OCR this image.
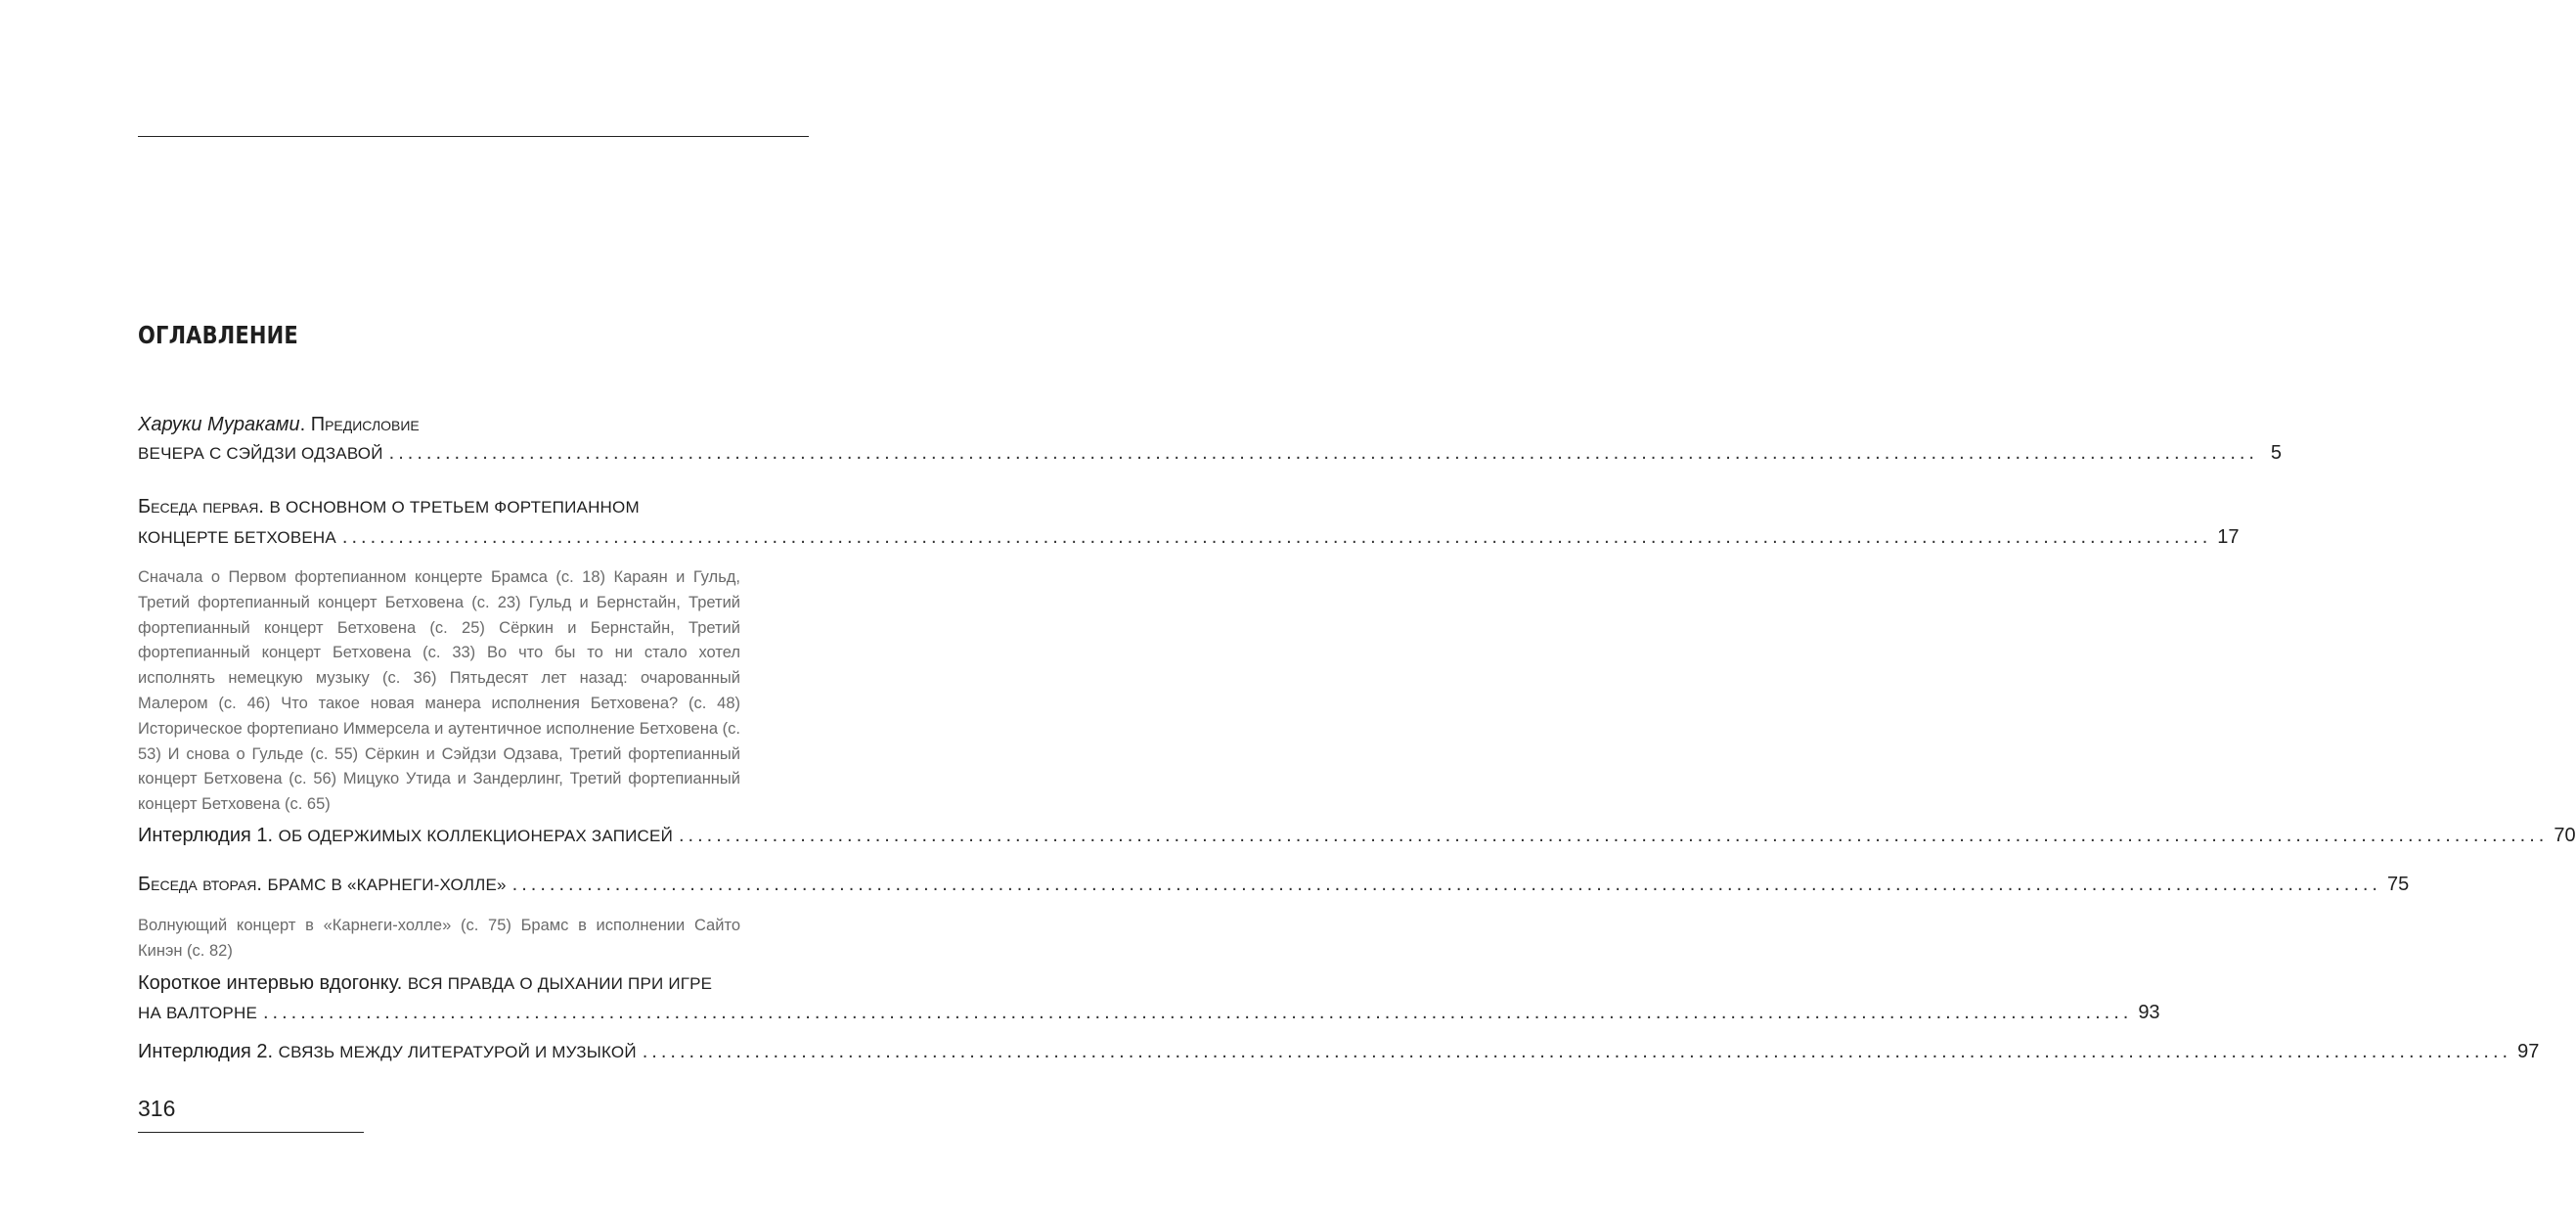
ОГЛАВЛЕНИЕ
Харуки Мураками. Предисловие
ВЕЧЕРА С СЭЙДЗИ ОДЗАВОЙ ........................................................................................................................................................................................................ 5
Беседа первая. В ОСНОВНОМ О ТРЕТЬЕМ ФОРТЕПИАННОМ
КОНЦЕРТЕ БЕТХОВЕНА ........................................................................................................................................................................................................ 17

Сначала о Первом фортепианном концерте Брамса (с. 18) Караян и Гульд, Третий фортепианный концерт Бетховена (с. 23) Гульд и Бернстайн, Третий фортепианный концерт Бетховена (с. 25) Сёркин и Бернстайн, Третий фортепианный концерт Бетховена (с. 33) Во что бы то ни стало хотел исполнять немецкую музыку (с. 36) Пятьдесят лет назад: очарованный Малером (с. 46) Что такое новая манера исполнения Бетховена? (с. 48) Историческое фортепиано Иммерсела и аутентичное исполнение Бетховена (с. 53) И снова о Гульде (с. 55) Сёркин и Сэйдзи Одзава, Третий фортепианный концерт Бетховена (с. 56) Мицуко Утида и Зандерлинг, Третий фортепианный концерт Бетховена (с. 65)

Интерлюдия 1. ОБ ОДЕРЖИМЫХ КОЛЛЕКЦИОНЕРАХ ЗАПИСЕЙ ........................................................................................................................................................................................................ 70
Беседа вторая. БРАМС В «КАРНЕГИ-ХОЛЛЕ» ........................................................................................................................................................................................................ 75

Волнующий концерт в «Карнеги-холле» (с. 75) Брамс в исполнении Сайто Кинэн (с. 82)

Короткое интервью вдогонку. ВСЯ ПРАВДА О ДЫХАНИИ ПРИ ИГРЕ
НА ВАЛТОРНЕ ........................................................................................................................................................................................................ 93
Интерлюдия 2. СВЯЗЬ МЕЖДУ ЛИТЕРАТУРОЙ И МУЗЫКОЙ ........................................................................................................................................................................................................ 97
316
